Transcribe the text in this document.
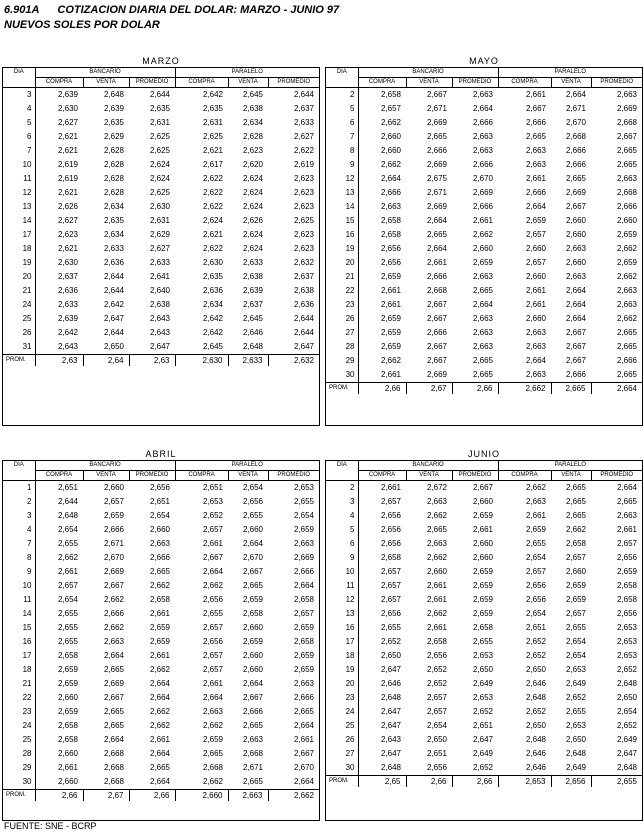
6.901A COTIZACION DIARIA DEL DOLAR: MARZO - JUNIO 97
NUEVOS SOLES POR DOLAR
MARZO
DIA	BANCARIO			PARALELO		
	COMPRA	VENTA	PROMEDIO	COMPRA	VENTA	PROMEDIO

3	2,639	2,648	2,644	2,642	2,645	2,644
4	2,630	2,639	2,635	2,635	2,638	2,637
5	2,627	2,635	2,631	2,631	2,634	2,633
6	2,621	2,629	2,625	2,625	2,628	2,627
7	2,621	2,628	2,625	2,621	2,623	2,622
10	2,619	2,628	2,624	2,617	2,620	2,619
11	2,619	2,628	2,624	2,622	2,624	2,623
12	2,621	2,628	2,625	2,622	2,624	2,623
13	2,626	2,634	2,630	2,622	2,624	2,623
14	2,627	2,635	2,631	2,624	2,626	2,625
17	2,623	2,634	2,629	2,621	2,624	2,623
18	2,621	2,633	2,627	2,622	2,624	2,623
19	2,630	2,636	2,633	2,630	2,633	2,632
20	2,637	2,644	2,641	2,635	2,638	2,637
21	2,636	2,644	2,640	2,636	2,639	2,638
24	2,633	2,642	2,638	2,634	2,637	2,636
25	2,639	2,647	2,643	2,642	2,645	2,644
26	2,642	2,644	2,643	2,642	2,646	2,644
31	2,643	2,650	2,647	2,645	2,648	2,647

PROM.	2,63	2,64	2,63	2,630	2,633	2,632
MAYO
DIA	BANCARIO			PARALELO		
	COMPRA	VENTA	PROMEDIO	COMPRA	VENTA	PROMEDIO

2	2,658	2,667	2,663	2,661	2,664	2,663
5	2,657	2,671	2,664	2,667	2,671	2,669
6	2,662	2,669	2,666	2,666	2,670	2,668
7	2,660	2,665	2,663	2,665	2,668	2,667
8	2,660	2,666	2,663	2,663	2,666	2,665
9	2,662	2,669	2,666	2,663	2,666	2,665
12	2,664	2,675	2,670	2,661	2,665	2,663
13	2,666	2,671	2,669	2,666	2,669	2,668
14	2,663	2,669	2,666	2,664	2,667	2,666
15	2,658	2,664	2,661	2,659	2,660	2,660
16	2,658	2,665	2,662	2,657	2,660	2,659
19	2,656	2,664	2,660	2,660	2,663	2,662
20	2,656	2,661	2,659	2,657	2,660	2,659
21	2,659	2,666	2,663	2,660	2,663	2,662
22	2,661	2,668	2,665	2,661	2,664	2,663
23	2,661	2,667	2,664	2,661	2,664	2,663
26	2,659	2,667	2,663	2,660	2,664	2,662
27	2,659	2,666	2,663	2,663	2,667	2,665
28	2,659	2,667	2,663	2,663	2,667	2,665
29	2,662	2,667	2,665	2,664	2,667	2,666
30	2,661	2,669	2,665	2,663	2,666	2,665
PROM.	2,66	2,67	2,66	2,662	2,665	2,664
ABRIL
DIA	BANCARIO			PARALELO		
	COMPRA	VENTA	PROMEDIO	COMPRA	VENTA	PROMEDIO

1	2,651	2,660	2,656	2,651	2,654	2,653
2	2,644	2,657	2,651	2,653	2,656	2,655
3	2,648	2,659	2,654	2,652	2,655	2,654
4	2,654	2,666	2,660	2,657	2,660	2,659
7	2,655	2,671	2,663	2,661	2,664	2,663
8	2,662	2,670	2,666	2,667	2,670	2,669
9	2,661	2,669	2,665	2,664	2,667	2,666
10	2,657	2,667	2,662	2,662	2,665	2,664
11	2,654	2,662	2,658	2,656	2,659	2,658
14	2,655	2,666	2,661	2,655	2,658	2,657
15	2,655	2,662	2,659	2,657	2,660	2,659
16	2,655	2,663	2,659	2,656	2,659	2,658
17	2,658	2,664	2,661	2,657	2,660	2,659
18	2,659	2,665	2,662	2,657	2,660	2,659
21	2,659	2,669	2,664	2,661	2,664	2,663
22	2,660	2,667	2,664	2,664	2,667	2,666
23	2,659	2,665	2,662	2,663	2,666	2,665
24	2,658	2,665	2,662	2,662	2,665	2,664
25	2,658	2,664	2,661	2,659	2,663	2,661
28	2,660	2,668	2,664	2,665	2,668	2,667
29	2,661	2,668	2,665	2,668	2,671	2,670
30	2,660	2,668	2,664	2,662	2,665	2,664
PROM.	2,66	2,67	2,66	2,660	2,663	2,662
JUNIO
DIA	BANCARIO			PARALELO		
	COMPRA	VENTA	PROMEDIO	COMPRA	VENTA	PROMEDIO

2	2,661	2,672	2,667	2,662	2,665	2,664
3	2,657	2,663	2,660	2,663	2,665	2,665
4	2,656	2,662	2,659	2,661	2,665	2,663
5	2,656	2,665	2,661	2,659	2,662	2,661
6	2,656	2,663	2,660	2,655	2,658	2,657
9	2,658	2,662	2,660	2,654	2,657	2,656
10	2,657	2,660	2,659	2,657	2,660	2,659
11	2,657	2,661	2,659	2,656	2,659	2,658
12	2,657	2,661	2,659	2,656	2,659	2,658
13	2,656	2,662	2,659	2,654	2,657	2,656
16	2,655	2,661	2,658	2,651	2,655	2,653
17	2,652	2,658	2,655	2,652	2,654	2,653
18	2,650	2,656	2,653	2,652	2,654	2,653
19	2,647	2,652	2,650	2,650	2,653	2,652
20	2,646	2,652	2,649	2,646	2,649	2,648
23	2,648	2,657	2,653	2,648	2,652	2,650
24	2,647	2,657	2,652	2,652	2,655	2,654
25	2,647	2,654	2,651	2,650	2,653	2,652
26	2,643	2,650	2,647	2,648	2,650	2,649
27	2,647	2,651	2,649	2,646	2,648	2,647
30	2,648	2,656	2,652	2,646	2,649	2,648

PROM.	2,65	2,66	2,66	2,653	2,656	2,655
FUENTE: SNE - BCRP
